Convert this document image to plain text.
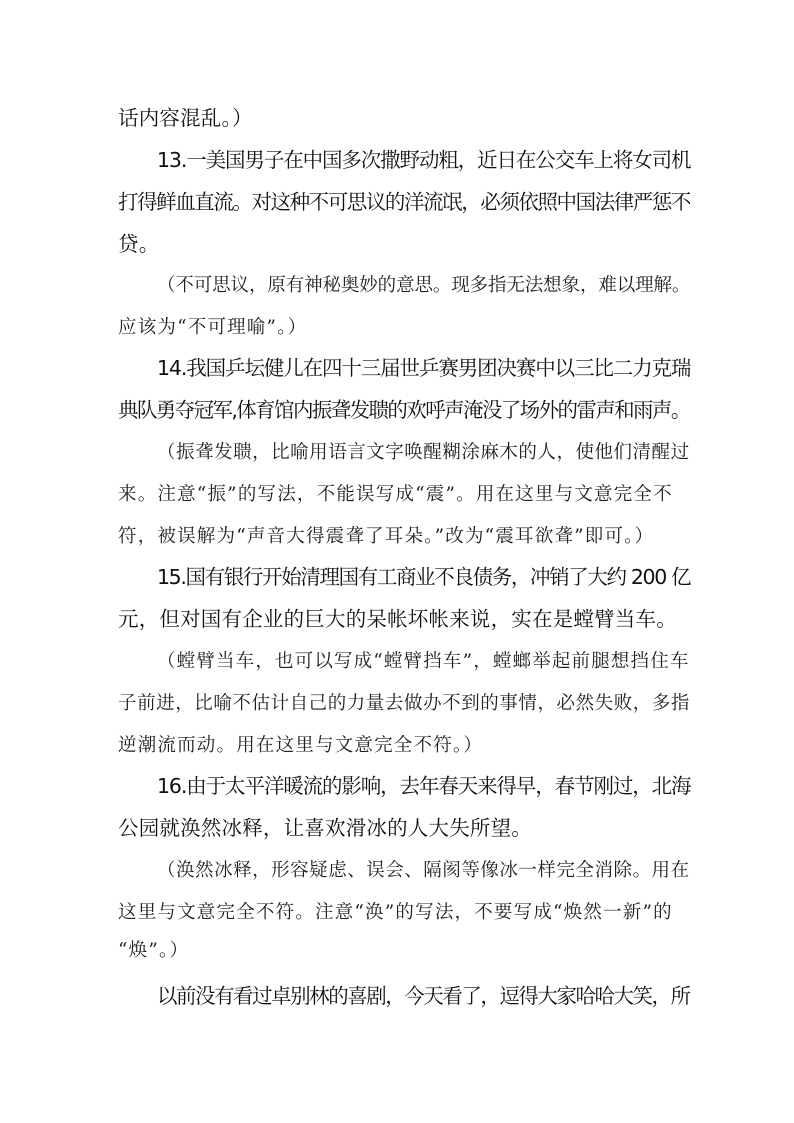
话内容混乱。）
13.一美国男子在中国多次撒野动粗，近日在公交车上将女司机
打得鲜血直流。对这种不可思议的洋流氓，必须依照中国法律严惩不
贷。
（不可思议，原有神秘奥妙的意思。现多指无法想象，难以理解。
应该为“不可理喻”。）
14.我国乒坛健儿在四十三届世乒赛男团决赛中以三比二力克瑞
典队勇夺冠军,体育馆内振聋发聩的欢呼声淹没了场外的雷声和雨声。
（振聋发聩，比喻用语言文字唤醒糊涂麻木的人，使他们清醒过
来。注意“振”的写法，不能误写成“震”。用在这里与文意完全不
符，被误解为“声音大得震聋了耳朵。”改为“震耳欲聋”即可。）
15.国有银行开始清理国有工商业不良债务，冲销了大约 200 亿
元，但对国有企业的巨大的呆帐坏帐来说，实在是螳臂当车。
（螳臂当车，也可以写成“螳臂挡车”，螳螂举起前腿想挡住车
子前进，比喻不估计自己的力量去做办不到的事情，必然失败，多指
逆潮流而动。用在这里与文意完全不符。）
16.由于太平洋暖流的影响，去年春天来得早，春节刚过，北海
公园就涣然冰释，让喜欢滑冰的人大失所望。
（涣然冰释，形容疑虑、误会、隔阂等像冰一样完全消除。用在
这里与文意完全不符。注意“涣”的写法，不要写成“焕然一新”的
“焕”。）
以前没有看过卓别林的喜剧，今天看了，逗得大家哈哈大笑，所
